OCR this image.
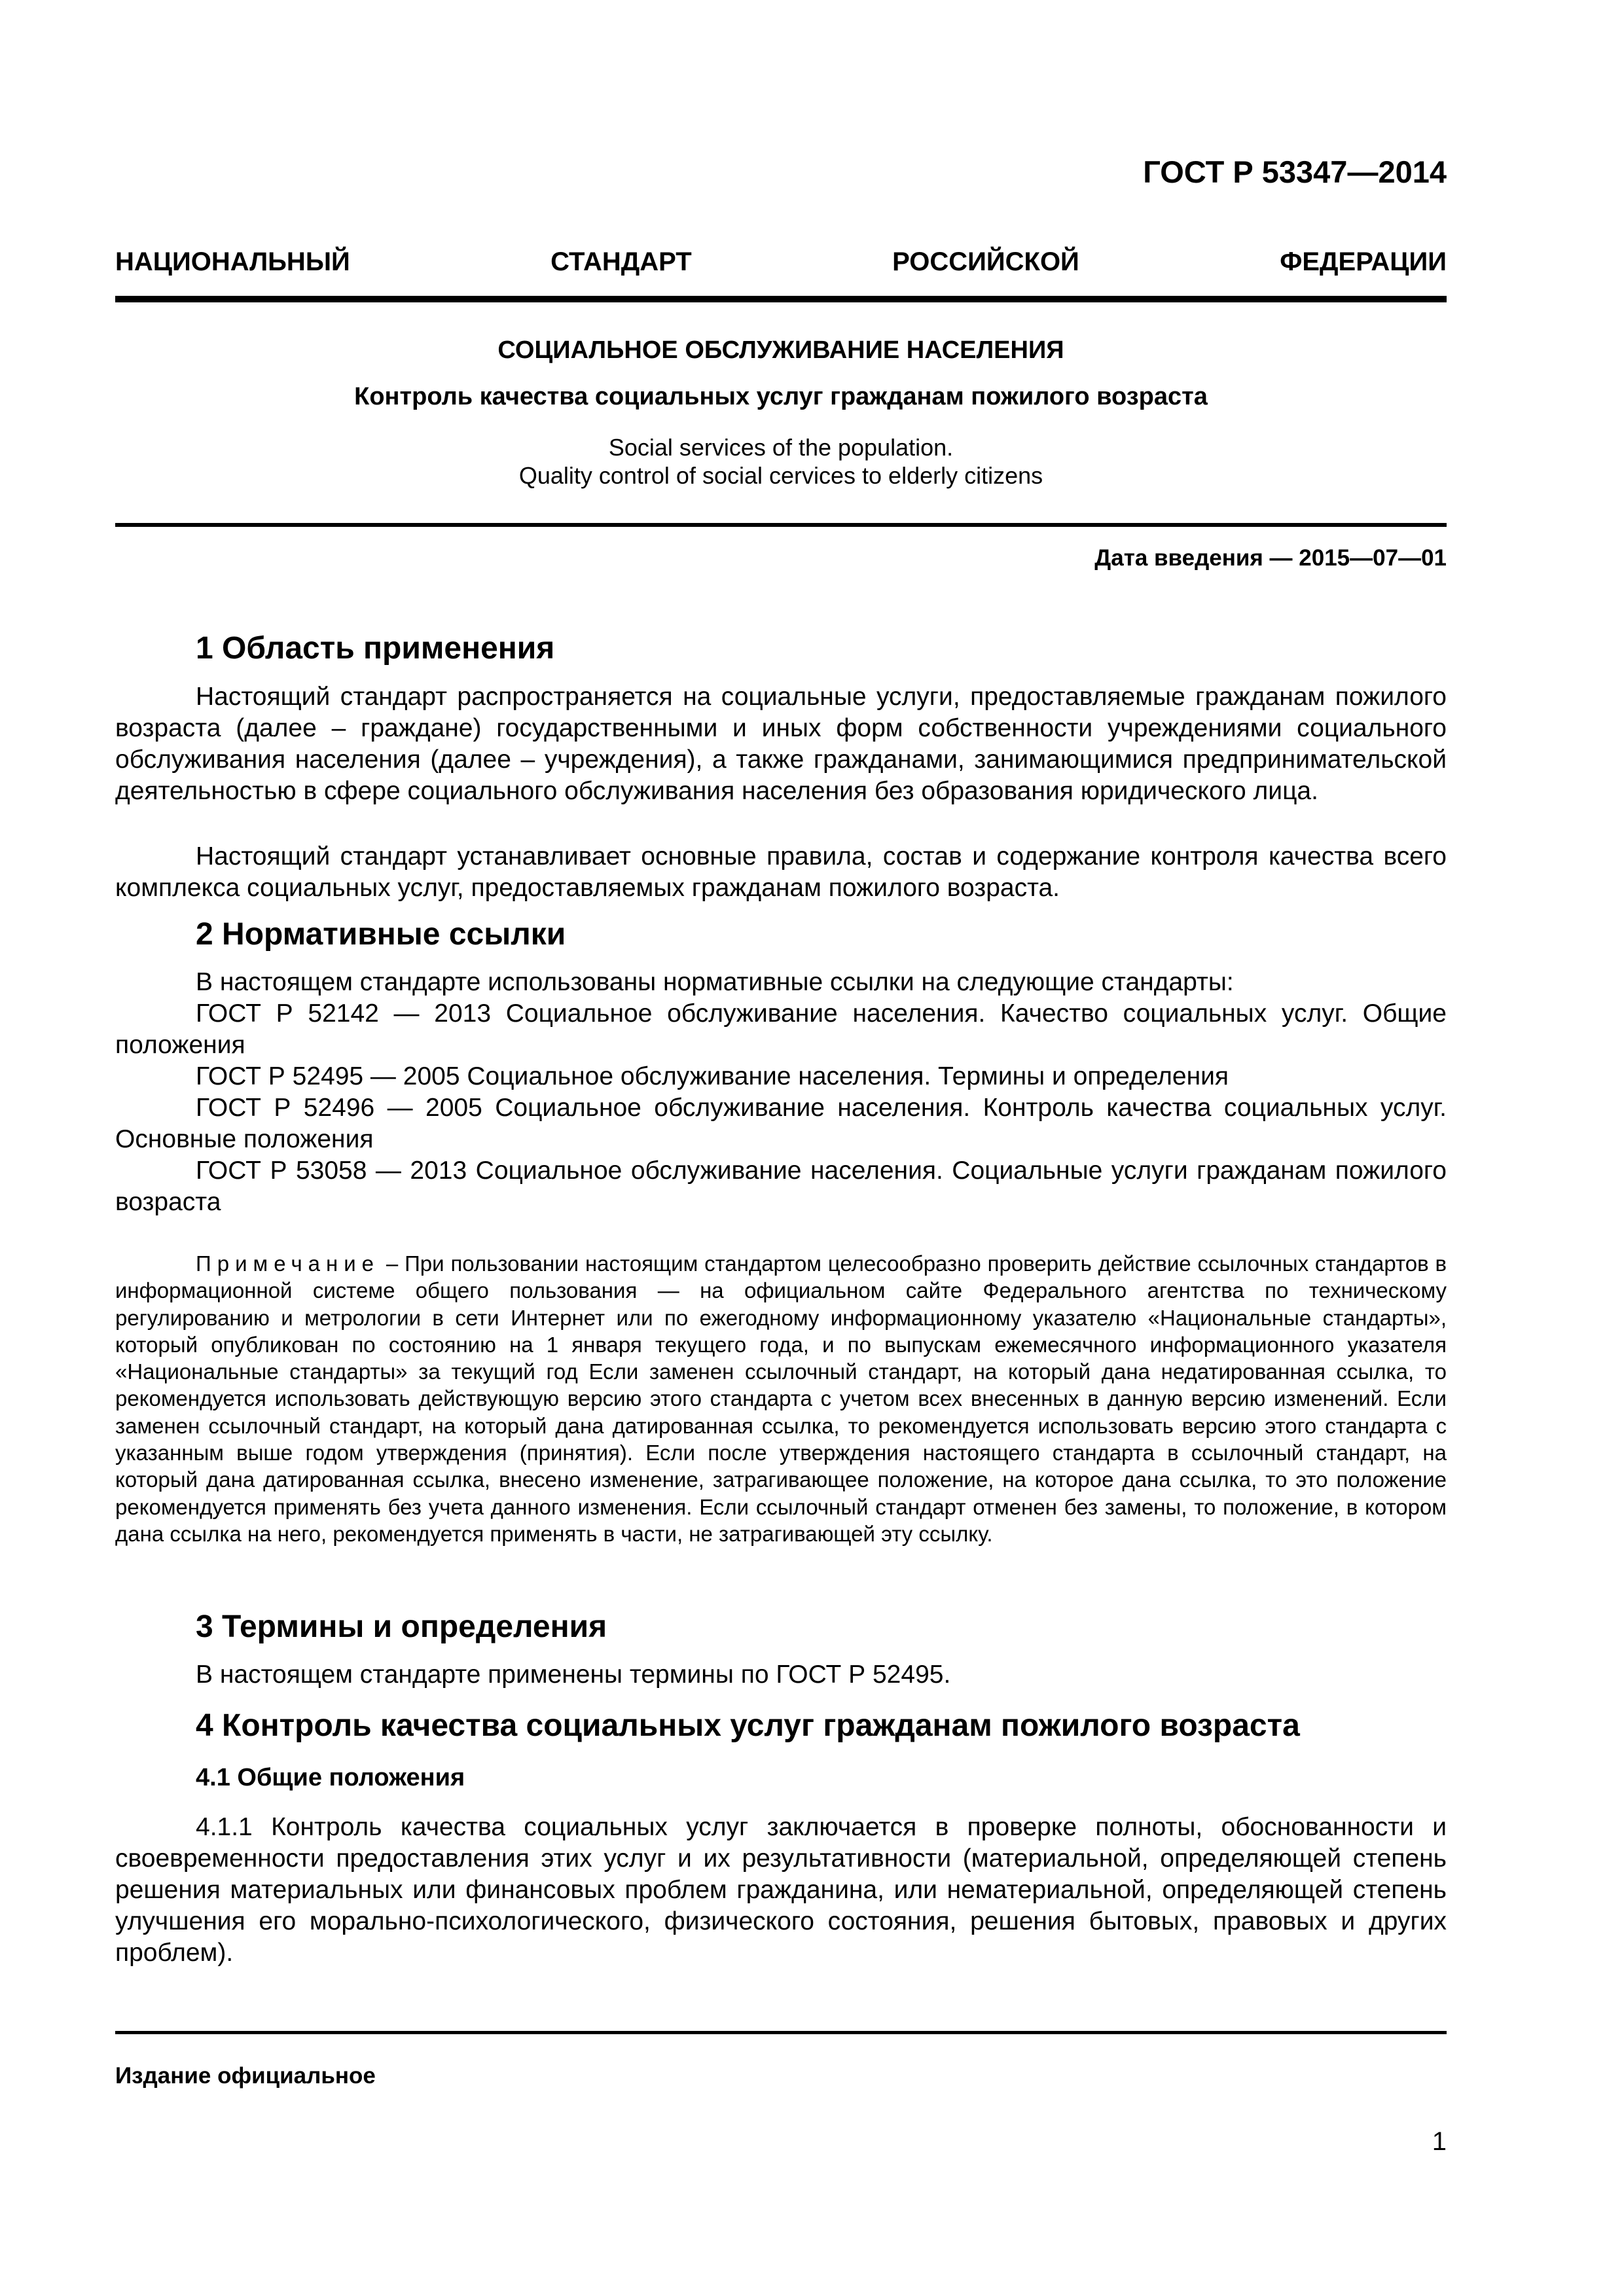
ГОСТ Р 53347—2014
НАЦИОНАЛЬНЫЙ СТАНДАРТ РОССИЙСКОЙ ФЕДЕРАЦИИ
СОЦИАЛЬНОЕ ОБСЛУЖИВАНИЕ НАСЕЛЕНИЯ
Контроль качества социальных услуг гражданам пожилого возраста
Social services of the population.
Quality control of social cervices to elderly citizens
Дата введения — 2015—07—01
1 Область применения
Настоящий стандарт распространяется на социальные услуги, предоставляемые гражданам пожилого возраста (далее – граждане) государственными и иных форм собственности учреждениями социального обслуживания населения (далее – учреждения), а также гражданами, занимающимися предпринимательской деятельностью в сфере социального обслуживания населения без образования юридического лица.
Настоящий стандарт устанавливает основные правила, состав и содержание контроля качества всего комплекса социальных услуг, предоставляемых гражданам пожилого возраста.
2 Нормативные ссылки
В настоящем стандарте использованы нормативные ссылки на следующие стандарты:
ГОСТ Р 52142 — 2013 Социальное обслуживание населения. Качество социальных услуг. Общие положения
ГОСТ Р 52495 — 2005 Социальное обслуживание населения. Термины и определения
ГОСТ Р 52496 — 2005 Социальное обслуживание населения. Контроль качества социальных услуг. Основные положения
ГОСТ Р 53058 — 2013 Социальное обслуживание населения. Социальные услуги гражданам пожилого возраста
Примечание – При пользовании настоящим стандартом целесообразно проверить действие ссылочных стандартов в информационной системе общего пользования — на официальном сайте Федерального агентства по техническому регулированию и метрологии в сети Интернет или по ежегодному информационному указателю «Национальные стандарты», который опубликован по состоянию на 1 января текущего года, и по выпускам ежемесячного информационного указателя «Национальные стандарты» за текущий год Если заменен ссылочный стандарт, на который дана недатированная ссылка, то рекомендуется использовать действующую версию этого стандарта с учетом всех внесенных в данную версию изменений. Если заменен ссылочный стандарт, на который дана датированная ссылка, то рекомендуется использовать версию этого стандарта с указанным выше годом утверждения (принятия). Если после утверждения настоящего стандарта в ссылочный стандарт, на который дана датированная ссылка, внесено изменение, затрагивающее положение, на которое дана ссылка, то это положение рекомендуется применять без учета данного изменения. Если ссылочный стандарт отменен без замены, то положение, в котором дана ссылка на него, рекомендуется применять в части, не затрагивающей эту ссылку.
3 Термины и определения
В настоящем стандарте применены термины по ГОСТ Р 52495.
4 Контроль качества социальных услуг гражданам пожилого возраста
4.1 Общие положения
4.1.1 Контроль качества социальных услуг заключается в проверке полноты, обоснованности и своевременности предоставления этих услуг и их результативности (материальной, определяющей степень решения материальных или финансовых проблем гражданина, или нематериальной, определяющей степень улучшения его морально-психологического, физического состояния, решения бытовых, правовых и других проблем).
Издание официальное
1
